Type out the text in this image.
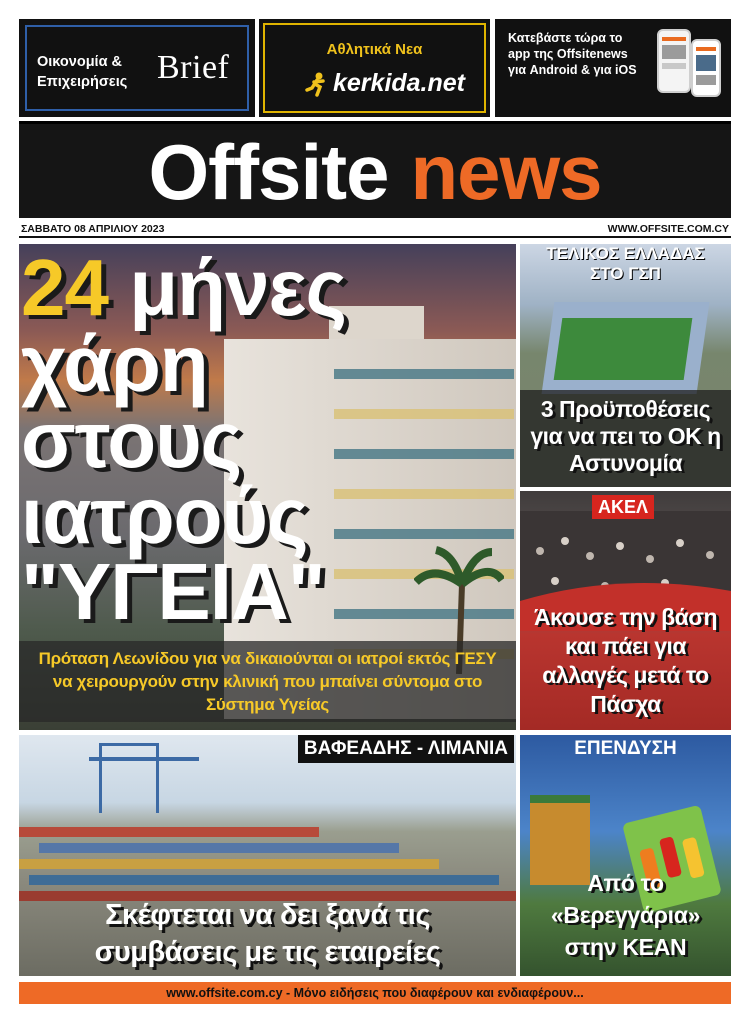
Οικονομία & Επιχειρήσεις Brief	Αθλητικά Νεα
kerkida.net
Κατεβάστε τώρα το app της Offsitenews για Android & για iOS
Offsite news
ΣΑΒΒΑΤΟ 08 ΑΠΡΙΛΙΟΥ 2023	WWW.OFFSITE.COM.CY
24 μήνες
χάρη
στους
ιατρούς
"ΥΓΕΙΑ"
Πρόταση Λεωνίδου για να δικαιούνται οι ιατροί εκτός ΓΕΣΥ να χειρουργούν στην κλινική που μπαίνει σύντομα στο Σύστημα Υγείας
ΤΕΛΙΚΟΣ ΕΛΛΑΔΑΣ ΣΤΟ ΓΣΠ
3 Προϋποθέσεις για να πει το ΟΚ η Αστυνομία
ΑΚΕΛ
Άκουσε την βάση και πάει για αλλαγές μετά το Πάσχα
ΒΑΦΕΑΔΗΣ - ΛΙΜΑΝΙΑ
Σκέφτεται να δει ξανά τις συμβάσεις με τις εταιρείες
ΕΠΕΝΔΥΣΗ
Από το «Βερεγγάρια» στην ΚΕΑΝ
www.offsite.com.cy - Μόνο ειδήσεις που διαφέρουν και ενδιαφέρουν...
